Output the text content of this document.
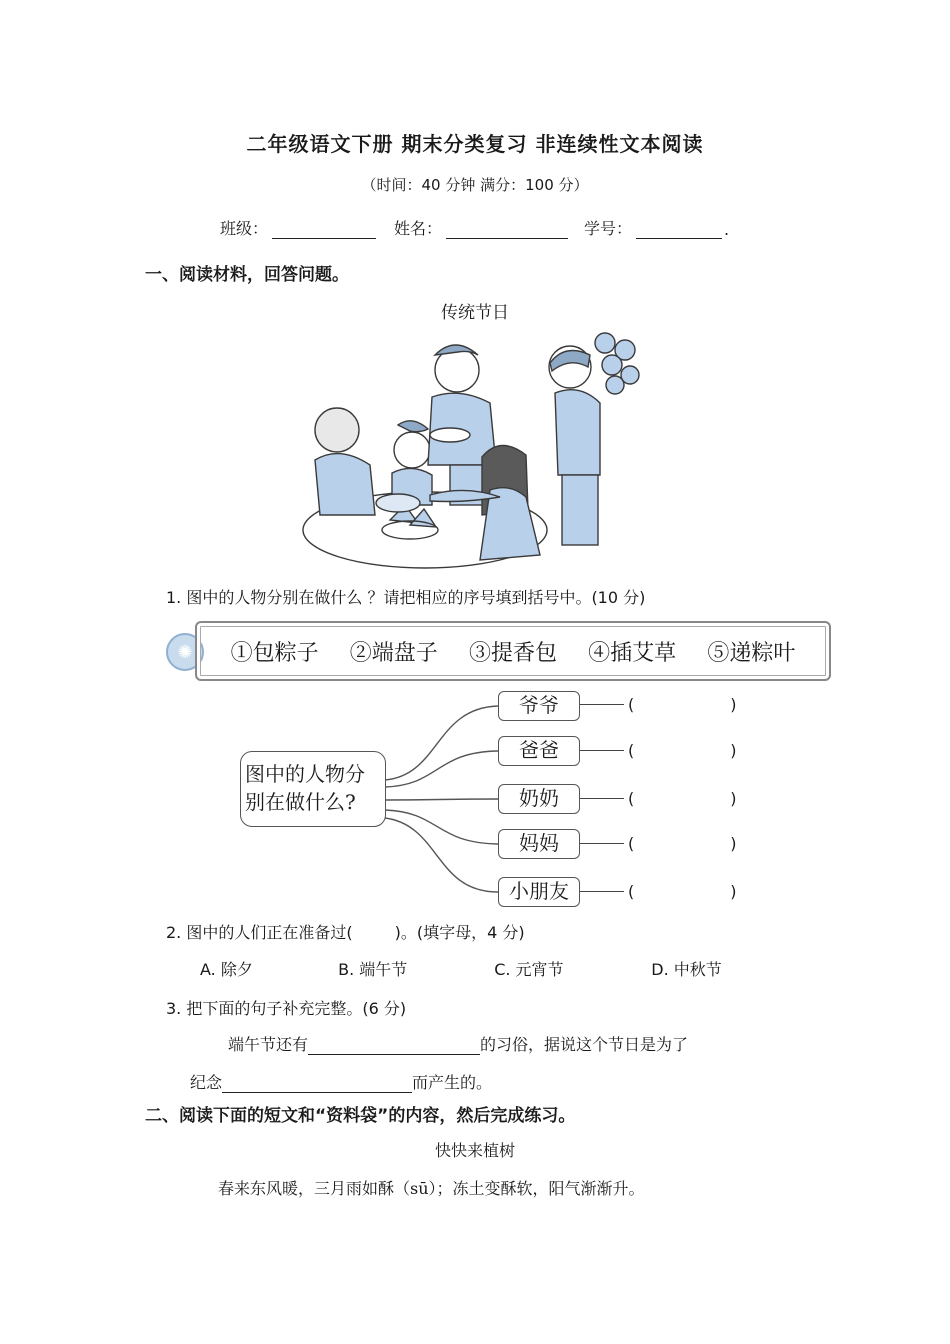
二年级语文下册 期末分类复习 非连续性文本阅读
（时间：40 分钟 满分：100 分）
班级：	姓名：	学号：	.
一、阅读材料，回答问题。
传统节日
1. 图中的人物分别在做什么 ？请把相应的序号填到括号中。(10 分)
✺	①包粽子 ②端盘子 ③提香包 ④插艾草 ⑤递粽叶
图中的人物分
别在做什么?
爷爷
爸爸
奶奶
妈妈
小朋友
(	)
(	)
(	)
(	)
(	)
2. 图中的人们正在准备过(	)。(填字母，4 分)
A. 除夕	B. 端午节	C. 元宵节	D. 中秋节
3. 把下面的句子补充完整。(6 分)
端午节还有	的习俗，据说这个节日是为了
纪念	而产生的。
二、阅读下面的短文和“资料袋”的内容，然后完成练习。
快快来植树
春来东风暖，三月雨如酥（sū）；冻土变酥软，阳气渐渐升。
